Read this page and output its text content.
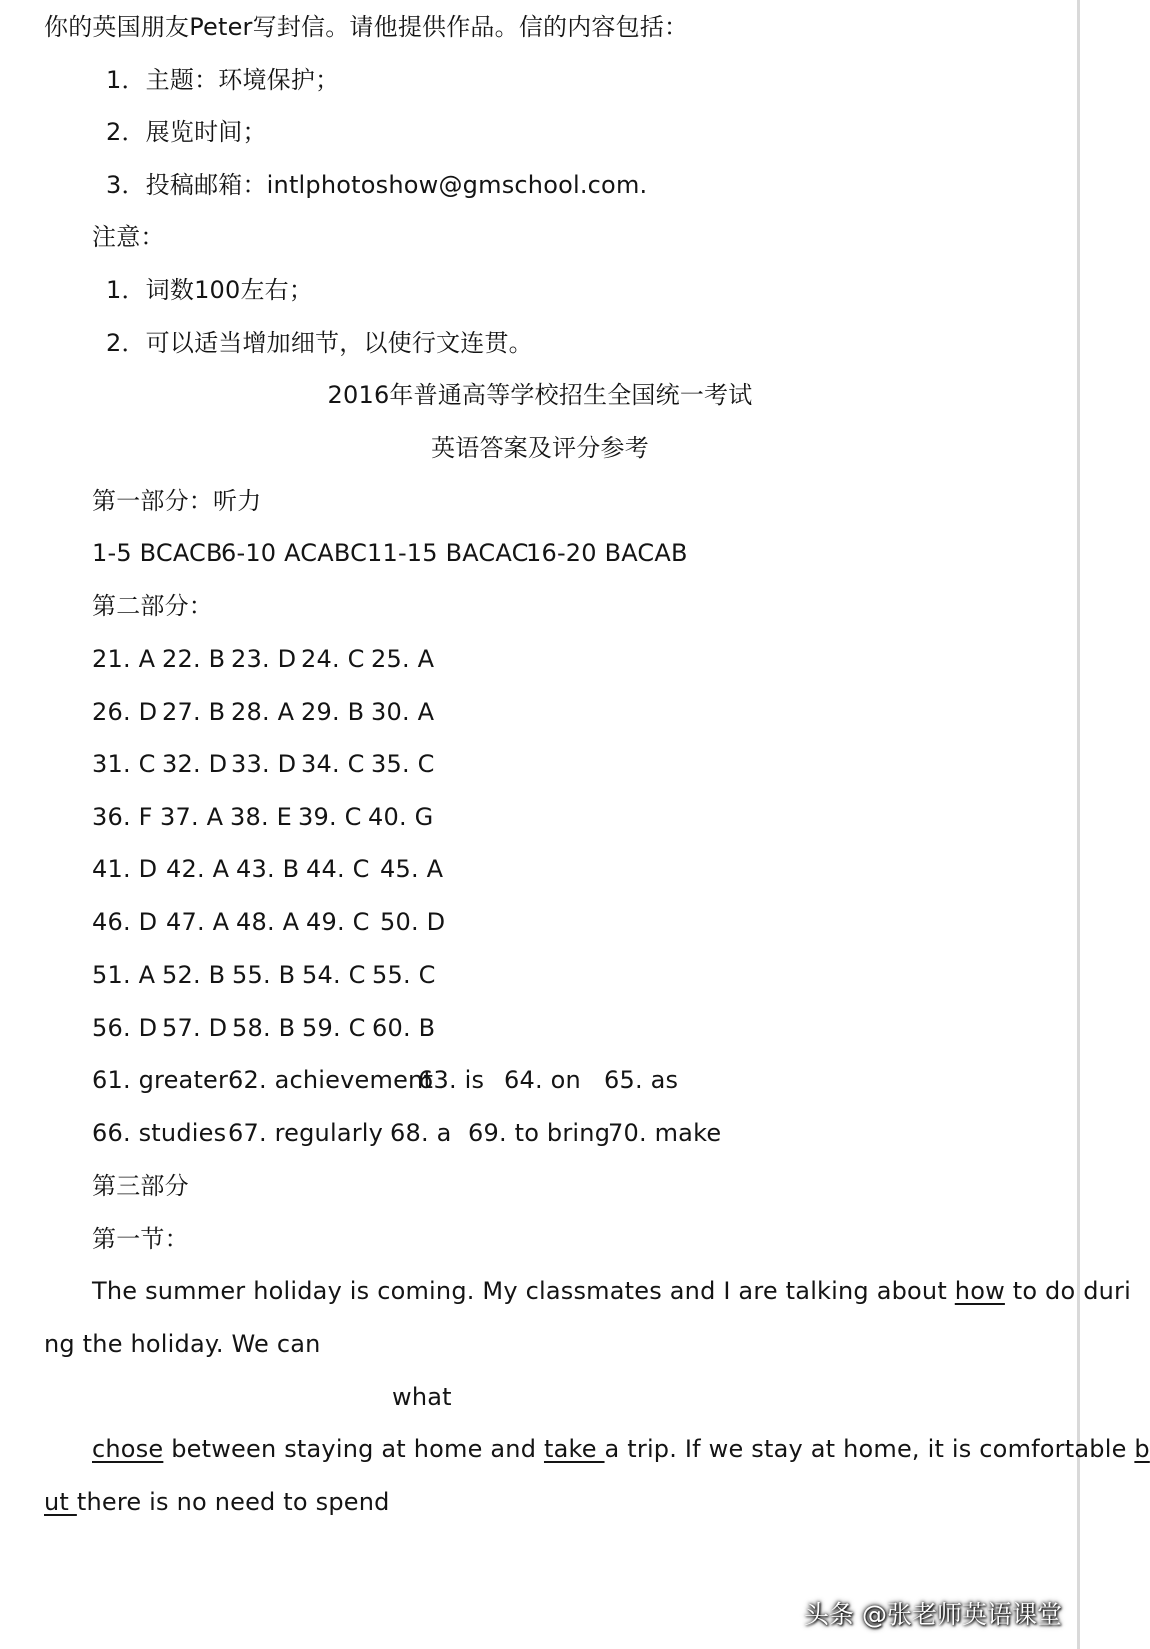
你的英国朋友Peter写封信。请他提供作品。信的内容包括：
1．主题：环境保护；
2．展览时间；
3．投稿邮箱：intlphotoshow@gmschool.com.
注意：
1．词数100左右；
2．可以适当增加细节，以使行文连贯。
2016年普通高等学校招生全国统一考试
英语答案及评分参考
第一部分：听力
1-5 BCACB6-10 ACABC11-15 BACAC16-20 BACAB
第二部分：
21. A 22. B 23. D 24. C 25. A
26. D 27. B 28. A 29. B 30. A
31. C 32. D 33. D 34. C 35. C
36. F 37. A 38. E 39. C 40. G
41. D 42. A 43. B 44. C 45. A
46. D 47. A 48. A 49. C 50. D
51. A 52. B 55. B 54. C 55. C
56. D 57. D 58. B 59. C 60. B
61. greater62. achievement63. is 64. on 65. as
66. studies67. regularly 68. a 69. to bring70. make
第三部分
第一节：
The summer holiday is coming. My classmates and I are talking about how to do duri
ng the holiday. We can
what
chose between staying at home and take a trip. If we stay at home, it is comfortable b
ut there is no need to spend
头条 @张老师英语课堂
